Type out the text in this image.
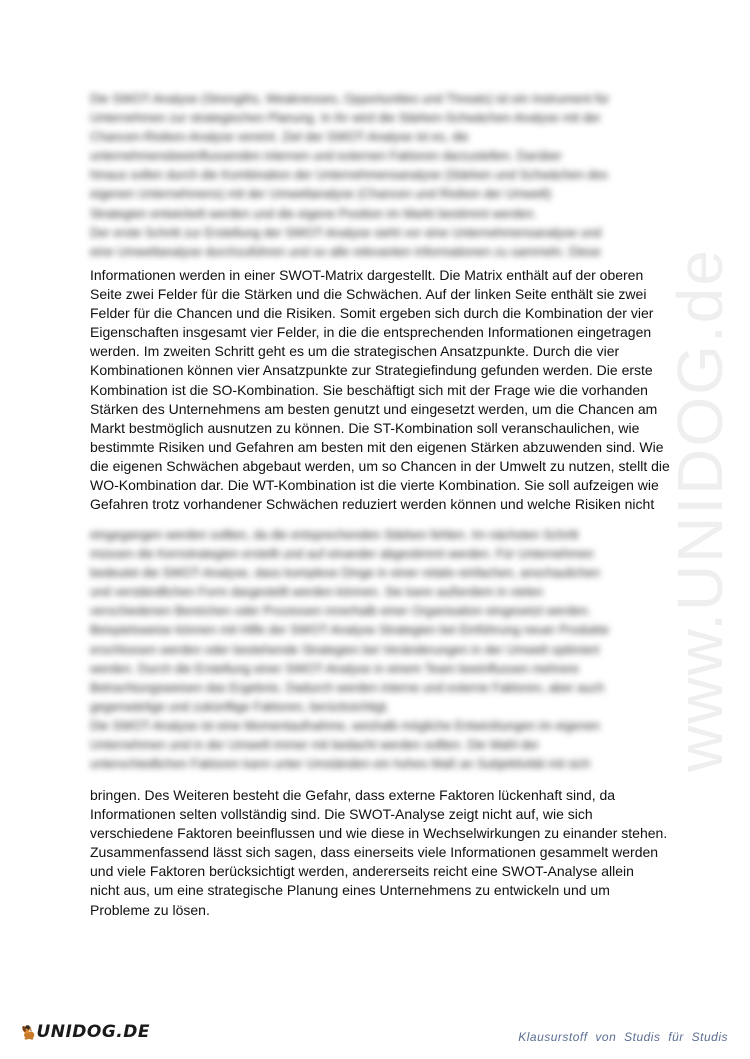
www.UNIDOG.de
Die SWOT-Analyse (Strengths, Weaknesses, Opportunities und Threats) ist ein Instrument für
Unternehmen zur strategischen Planung. In ihr wird die Stärken-Schwächen-Analyse mit der
Chancen-Risiken-Analyse vereint. Ziel der SWOT-Analyse ist es, die
unternehmensbeeinflussenden internen und externen Faktoren darzustellen. Darüber
hinaus sollen durch die Kombination der Unternehmensanalyse (Stärken und Schwächen des
eigenen Unternehmens) mit der Umweltanalyse (Chancen und Risiken der Umwelt)
Strategien entwickelt werden und die eigene Position im Markt bestimmt werden.
Der erste Schritt zur Erstellung der SWOT-Analyse sieht vor eine Unternehmensanalyse und
eine Umweltanalyse durchzuführen und so alle relevanten Informationen zu sammeln. Diese
Informationen werden in einer SWOT-Matrix dargestellt. Die Matrix enthält auf der oberen
Seite zwei Felder für die Stärken und die Schwächen. Auf der linken Seite enthält sie zwei
Felder für die Chancen und die Risiken. Somit ergeben sich durch die Kombination der vier
Eigenschaften insgesamt vier Felder, in die die entsprechenden Informationen eingetragen
werden. Im zweiten Schritt geht es um die strategischen Ansatzpunkte. Durch die vier
Kombinationen können vier Ansatzpunkte zur Strategiefindung gefunden werden. Die erste
Kombination ist die SO-Kombination. Sie beschäftigt sich mit der Frage wie die vorhanden
Stärken des Unternehmens am besten genutzt und eingesetzt werden, um die Chancen am
Markt bestmöglich ausnutzen zu können. Die ST-Kombination soll veranschaulichen, wie
bestimmte Risiken und Gefahren am besten mit den eigenen Stärken abzuwenden sind. Wie
die eigenen Schwächen abgebaut werden, um so Chancen in der Umwelt zu nutzen, stellt die
WO-Kombination dar. Die WT-Kombination ist die vierte Kombination. Sie soll aufzeigen wie
Gefahren trotz vorhandener Schwächen reduziert werden können und welche Risiken nicht
eingegangen werden sollten, da die entsprechenden Stärken fehlen. Im nächsten Schritt
müssen die Kernstrategien erstellt und auf einander abgestimmt werden. Für Unternehmen
bedeutet die SWOT-Analyse, dass komplexe Dinge in einer relativ einfachen, anschaulichen
und verständlichen Form dargestellt werden können. Sie kann außerdem in vielen
verschiedenen Bereichen oder Prozessen innerhalb einer Organisation eingesetzt werden.
Beispielsweise können mit Hilfe der SWOT-Analyse Strategien bei Einführung neuer Produkte
erschlossen werden oder bestehende Strategien bei Veränderungen in der Umwelt optimiert
werden. Durch die Erstellung einer SWOT-Analyse in einem Team beeinflussen mehrere
Betrachtungsweisen das Ergebnis. Dadurch werden interne und externe Faktoren, aber auch
gegenwärtige und zukünftige Faktoren, berücksichtigt.
Die SWOT-Analyse ist eine Momentaufnahme, weshalb mögliche Entwicklungen im eigenen
Unternehmen und in der Umwelt immer mit bedacht werden sollten. Die Wahl der
unterschiedlichen Faktoren kann unter Umständen ein hohes Maß an Subjektivität mit sich
bringen. Des Weiteren besteht die Gefahr, dass externe Faktoren lückenhaft sind, da
Informationen selten vollständig sind. Die SWOT-Analyse zeigt nicht auf, wie sich
verschiedene Faktoren beeinflussen und wie diese in Wechselwirkungen zu einander stehen.
Zusammenfassend lässt sich sagen, dass einerseits viele Informationen gesammelt werden
und viele Faktoren berücksichtigt werden, andererseits reicht eine SWOT-Analyse allein
nicht aus, um eine strategische Planung eines Unternehmens zu entwickeln und um
Probleme zu lösen.
UNIDOG.DE	Klausurstoff von Studis für Studis
